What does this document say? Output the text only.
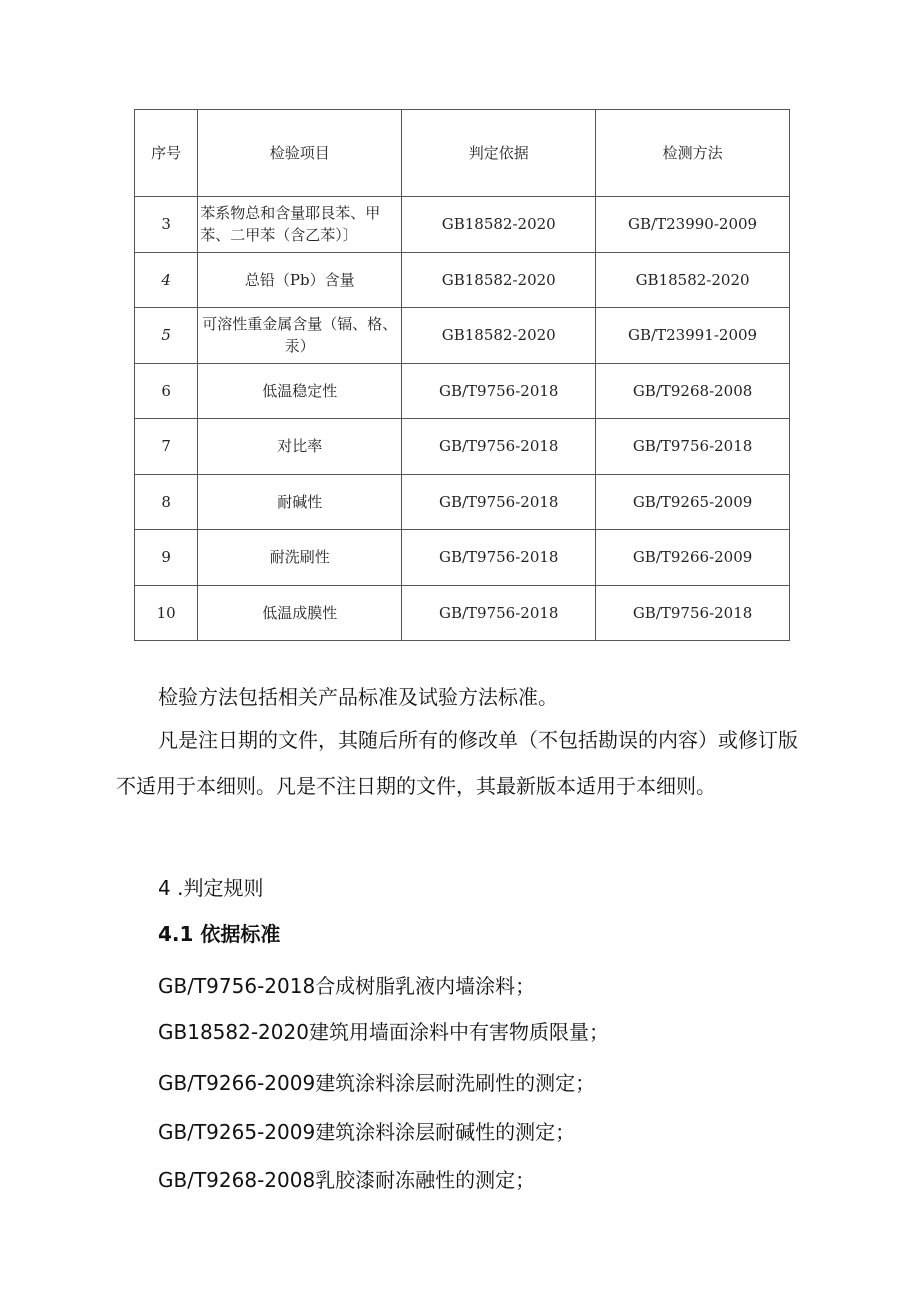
序号	检验项目	判定依据	检测方法
3	苯系物总和含量耶艮苯、甲苯、二甲苯（含乙苯）〕	GB18582-2020	GB/T23990-2009
4	总铅（Pb）含量	GB18582-2020	GB18582-2020
5	可溶性重金属含量（镉、格、汞）	GB18582-2020	GB/T23991-2009
6	低温稳定性	GB/T9756-2018	GB/T9268-2008
7	对比率	GB/T9756-2018	GB/T9756-2018
8	耐碱性	GB/T9756-2018	GB/T9265-2009
9	耐洗刷性	GB/T9756-2018	GB/T9266-2009
10	低温成膜性	GB/T9756-2018	GB/T9756-2018

检验方法包括相关产品标准及试验方法标准。

凡是注日期的文件，其随后所有的修改单（不包括勘误的内容）或修订版不适用于本细则。凡是不注日期的文件，其最新版本适用于本细则。

4 .判定规则

4.1 依据标准

GB/T9756-2018合成树脂乳液内墙涂料；

GB18582-2020建筑用墙面涂料中有害物质限量；

GB/T9266-2009建筑涂料涂层耐洗刷性的测定；

GB/T9265-2009建筑涂料涂层耐碱性的测定；

GB/T9268-2008乳胶漆耐冻融性的测定；
